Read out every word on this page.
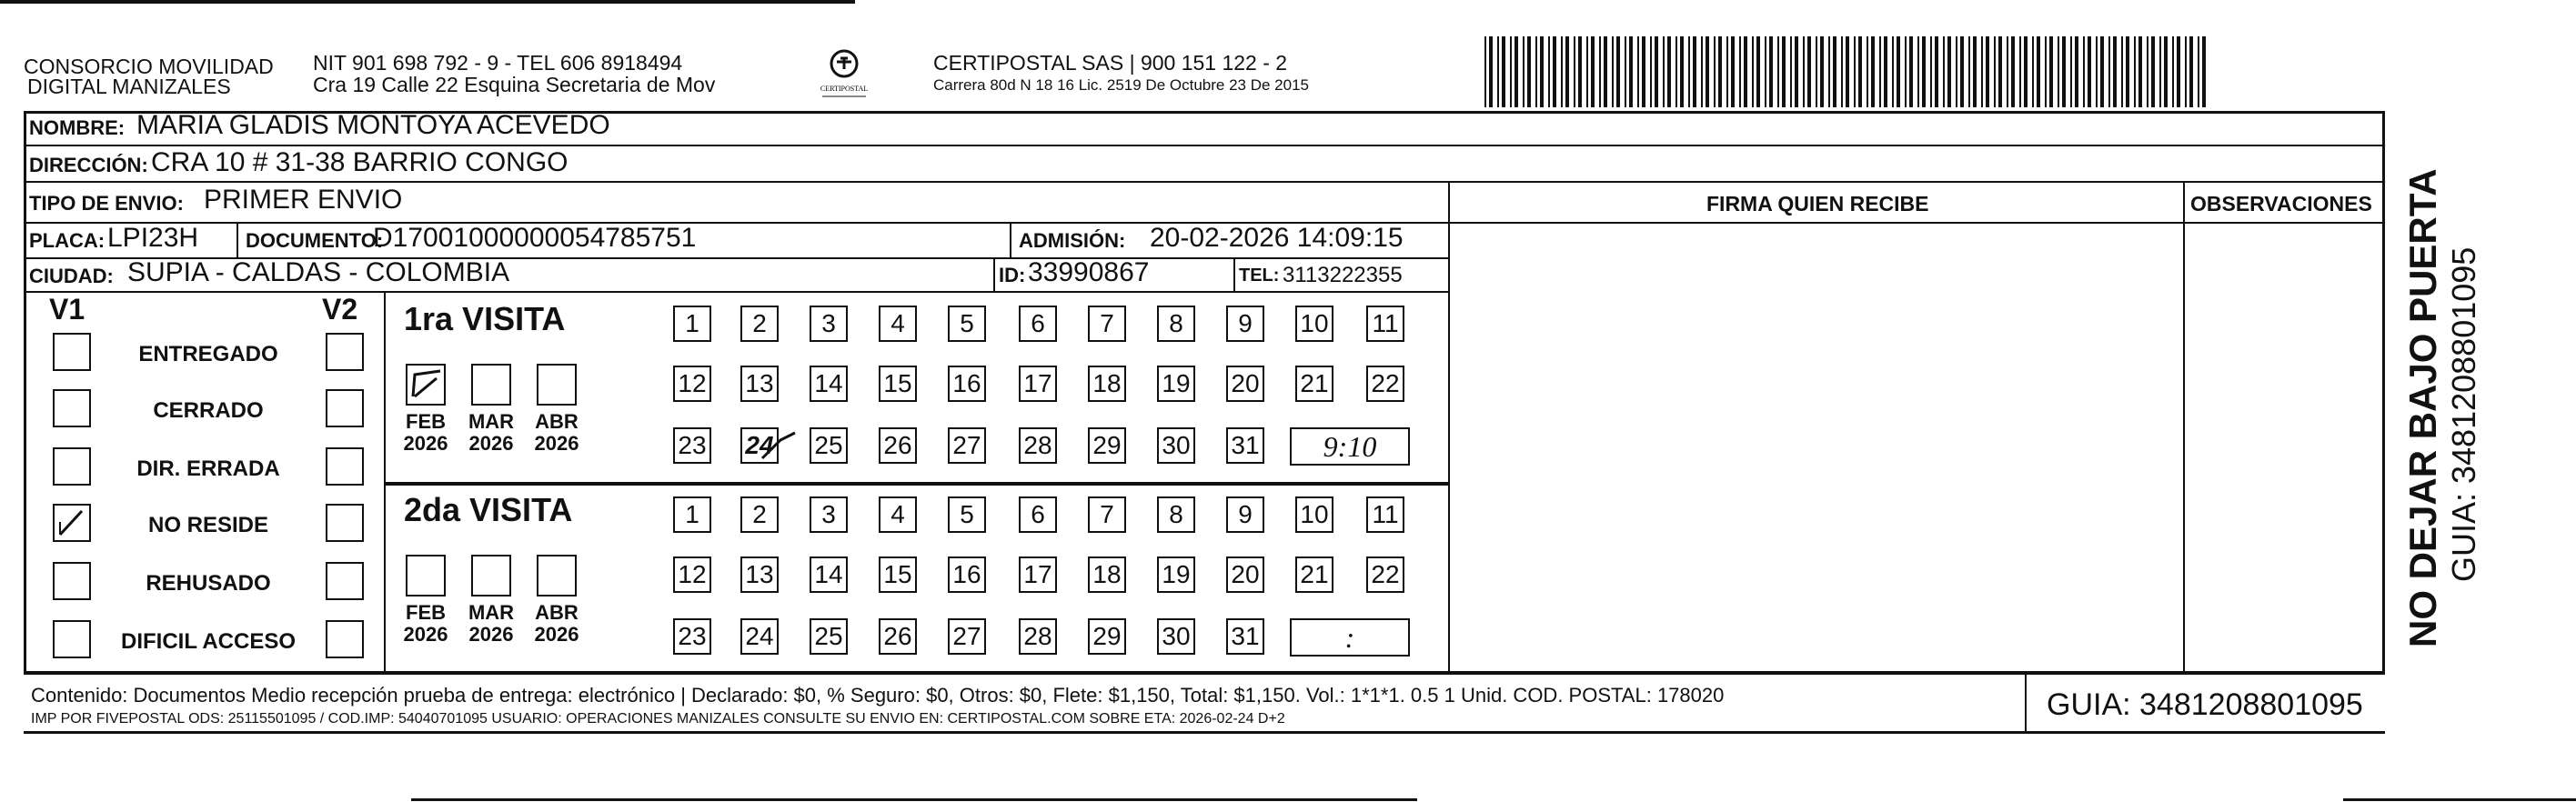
CONSORCIO MOVILIDAD
DIGITAL MANIZALES
NIT 901 698 792 - 9 - TEL 606 8918494
Cra 19 Calle 22 Esquina Secretaria de Mov	CERTIPOSTAL
CERTIPOSTAL SAS | 900 151 122 - 2
Carrera 80d N 18 16 Lic. 2519 De Octubre 23 De 2015
NOMBRE: MARIA GLADIS MONTOYA ACEVEDO
DIRECCIÓN: CRA 10 # 31-38 BARRIO CONGO
TIPO DE ENVIO: PRIMER ENVIO	FIRMA QUIEN RECIBE	OBSERVACIONES
PLACA: LPI23H DOCUMENTO:
D17001000000054785751	ADMISIÓN: 20-02-2026 14:09:15
CIUDAD: SUPIA - CALDAS - COLOMBIA	ID: 33990867	TEL: 3113222355
V1	V2
ENTREGADO
CERRADO
DIR. ERRADA
NO RESIDE
REHUSADO
DIFICIL ACCESO
1ra VISITA
FEB
2026
MAR
2026
ABR
2026
1	2	3	4	5	6	7	8	9	10 11
12 13 14 15 16 17 18 19 20 21 22
23 24 25 26 27 28 29 30 31	9:10
2da VISITA
FEB
2026
MAR
2026
ABR
2026
1	2	3	4	5	6	7	8	9	10 11
12 13 14 15 16 17 18 19 20 21 22
23 24 25 26 27 28 29 30 31	:
Contenido: Documentos Medio recepción prueba de entrega: electrónico | Declarado: $0, % Seguro: $0, Otros: $0, Flete: $1,150, Total: $1,150. Vol.: 1*1*1. 0.5 1 Unid. COD. POSTAL: 178020
IMP POR FIVEPOSTAL ODS: 25115501095 / COD.IMP: 54040701095 USUARIO: OPERACIONES MANIZALES CONSULTE SU ENVIO EN: CERTIPOSTAL.COM SOBRE ETA: 2026-02-24 D+2	GUIA: 3481208801095
NO DEJAR BAJO PUERTA GUIA: 3481208801095
